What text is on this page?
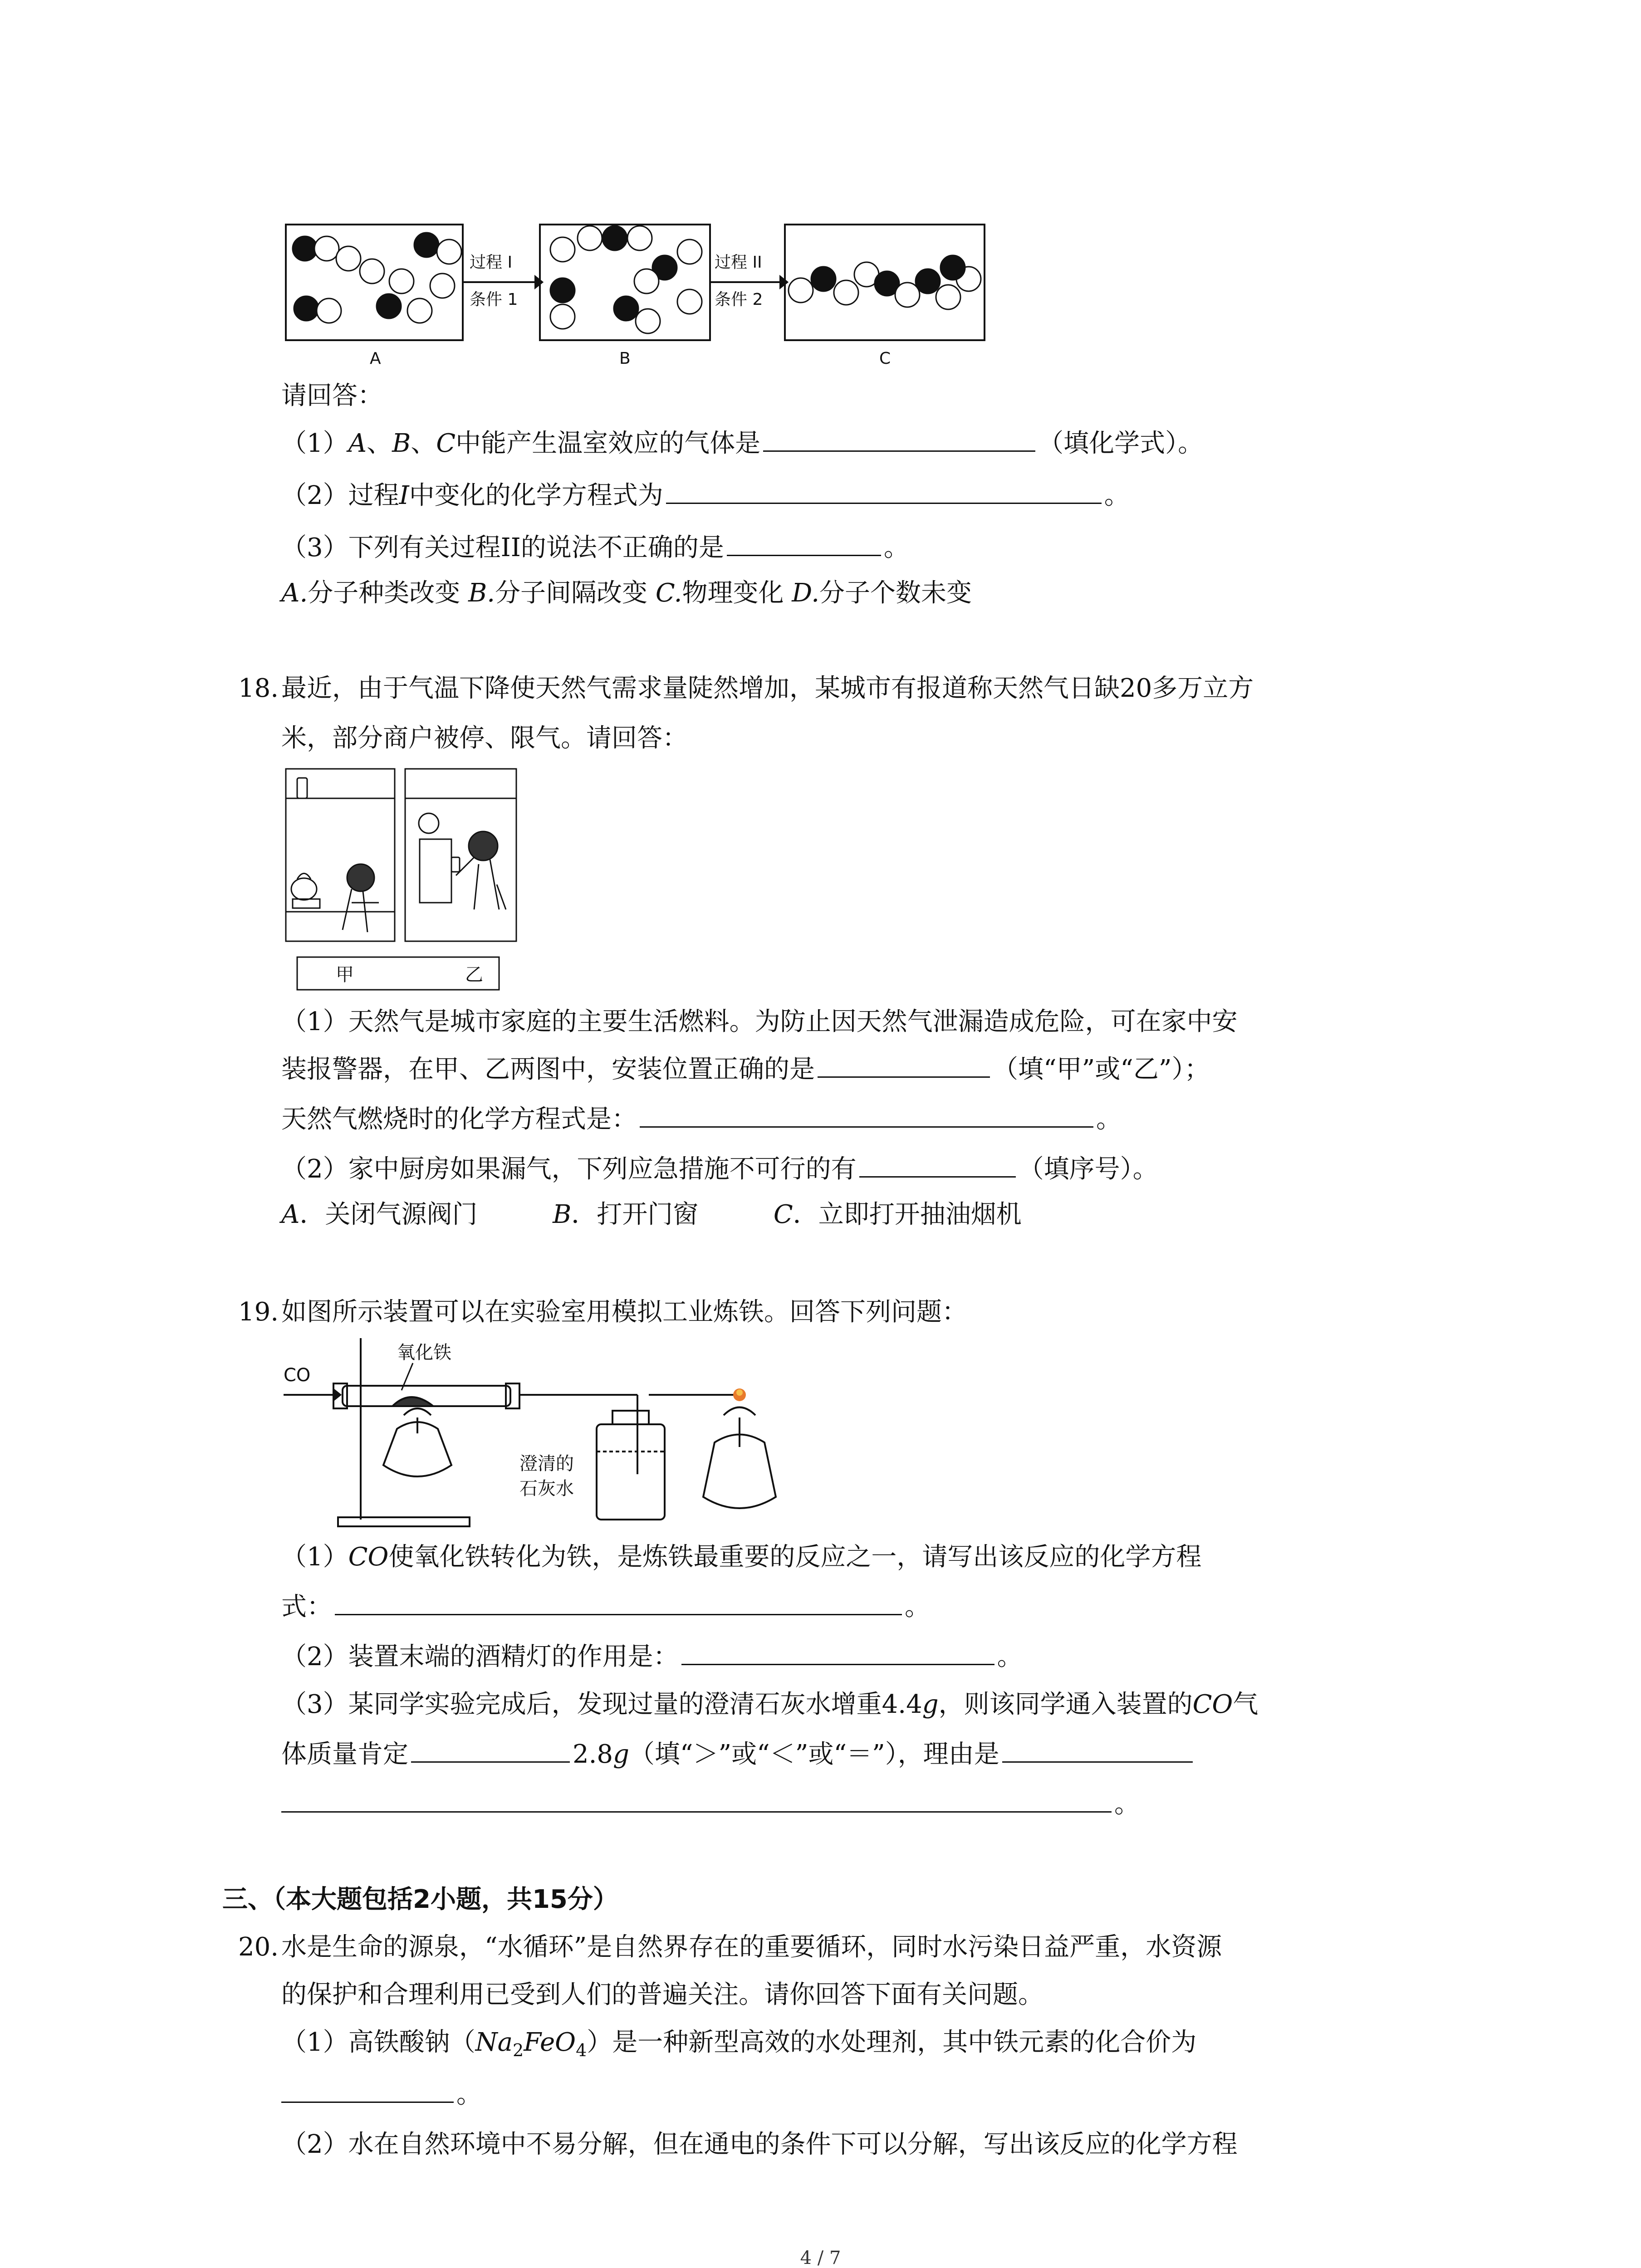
过程 I
条件 1
过程 II
条件 2
A	B	C
请回答：
（1）A、B、C中能产生温室效应的气体是	（填化学式）。
（2）过程I中变化的化学方程式为	。
（3）下列有关过程II的说法不正确的是	。
A.分子种类改变 B.分子间隔改变 C.物理变化 D.分子个数未变
18. 最近，由于气温下降使天然气需求量陡然增加，某城市有报道称天然气日缺20多万立方
米，部分商户被停、限气。请回答：
甲	乙
（1）天然气是城市家庭的主要生活燃料。为防止因天然气泄漏造成危险，可在家中安
装报警器，在甲、乙两图中，安装位置正确的是	（填“甲”或“乙”）；
天然气燃烧时的化学方程式是：	。
（2）家中厨房如果漏气，下列应急措施不可行的有	（填序号）。
A．关闭气源阀门	B．打开门窗	C．立即打开抽油烟机
19. 如图所示装置可以在实验室用模拟工业炼铁。回答下列问题：
CO
氧化铁
澄清的
石灰水
（1）CO使氧化铁转化为铁，是炼铁最重要的反应之一，请写出该反应的化学方程
式：	。
（2）装置末端的酒精灯的作用是：	。
（3）某同学实验完成后，发现过量的澄清石灰水增重4.4g，则该同学通入装置的CO气
体质量肯定	2.8g（填“＞”或“＜”或“＝”），理由是
。
三、（本大题包括2小题，共15分）
20. 水是生命的源泉，“水循环”是自然界存在的重要循环，同时水污染日益严重，水资源
的保护和合理利用已受到人们的普遍关注。请你回答下面有关问题。
（1）高铁酸钠$(Na_2FeO_4)$是一种新型高效的水处理剂，其中铁元素的化合价为
。
（2）水在自然环境中不易分解，但在通电的条件下可以分解，写出该反应的化学方程
4 / 7
